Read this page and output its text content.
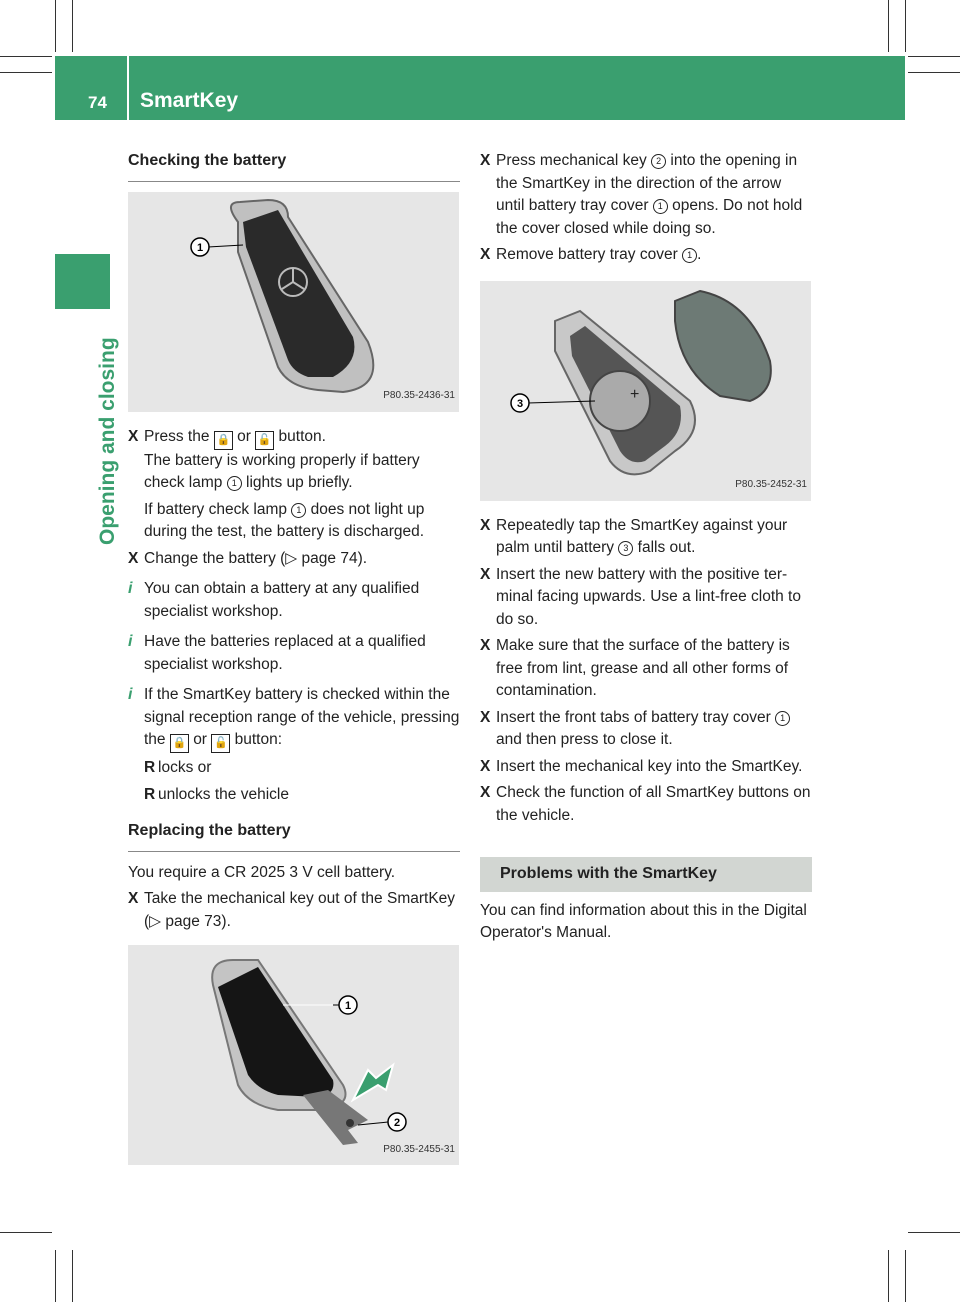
74 SmartKey
Opening and closing
Checking the battery
1
P80.35-2436-31
X Press the 🔒 or 🔓 button.
The battery is working properly if battery check lamp 1 lights up briefly.
If battery check lamp 1 does not light up during the test, the battery is discharged.
X Change the battery (▷ page 74).
i You can obtain a battery at any qualified specialist workshop.
i Have the batteries replaced at a qualified specialist workshop.
i If the SmartKey battery is checked within the signal reception range of the vehicle, pressing the 🔒 or 🔓 button:
R locks or
R unlocks the vehicle
Replacing the battery
You require a CR 2025 3 V cell battery.
X Take the mechanical key out of the SmartKey (▷ page 73).
1
2
P80.35-2455-31
X Press mechanical key 2 into the opening in the SmartKey in the direction of the arrow until battery tray cover 1 opens. Do not hold the cover closed while doing so.
X Remove battery tray cover 1 .
+
3
P80.35-2452-31
X Repeatedly tap the SmartKey against your palm until battery 3 falls out.
X Insert the new battery with the positive terminal facing upwards. Use a lint-free cloth to do so.
X Make sure that the surface of the battery is free from lint, grease and all other forms of contamination.
X Insert the front tabs of battery tray cover 1 and then press to close it.
X Insert the mechanical key into the SmartKey.
X Check the function of all SmartKey buttons on the vehicle.
Problems with the SmartKey
You can find information about this in the Digital Operator's Manual.
